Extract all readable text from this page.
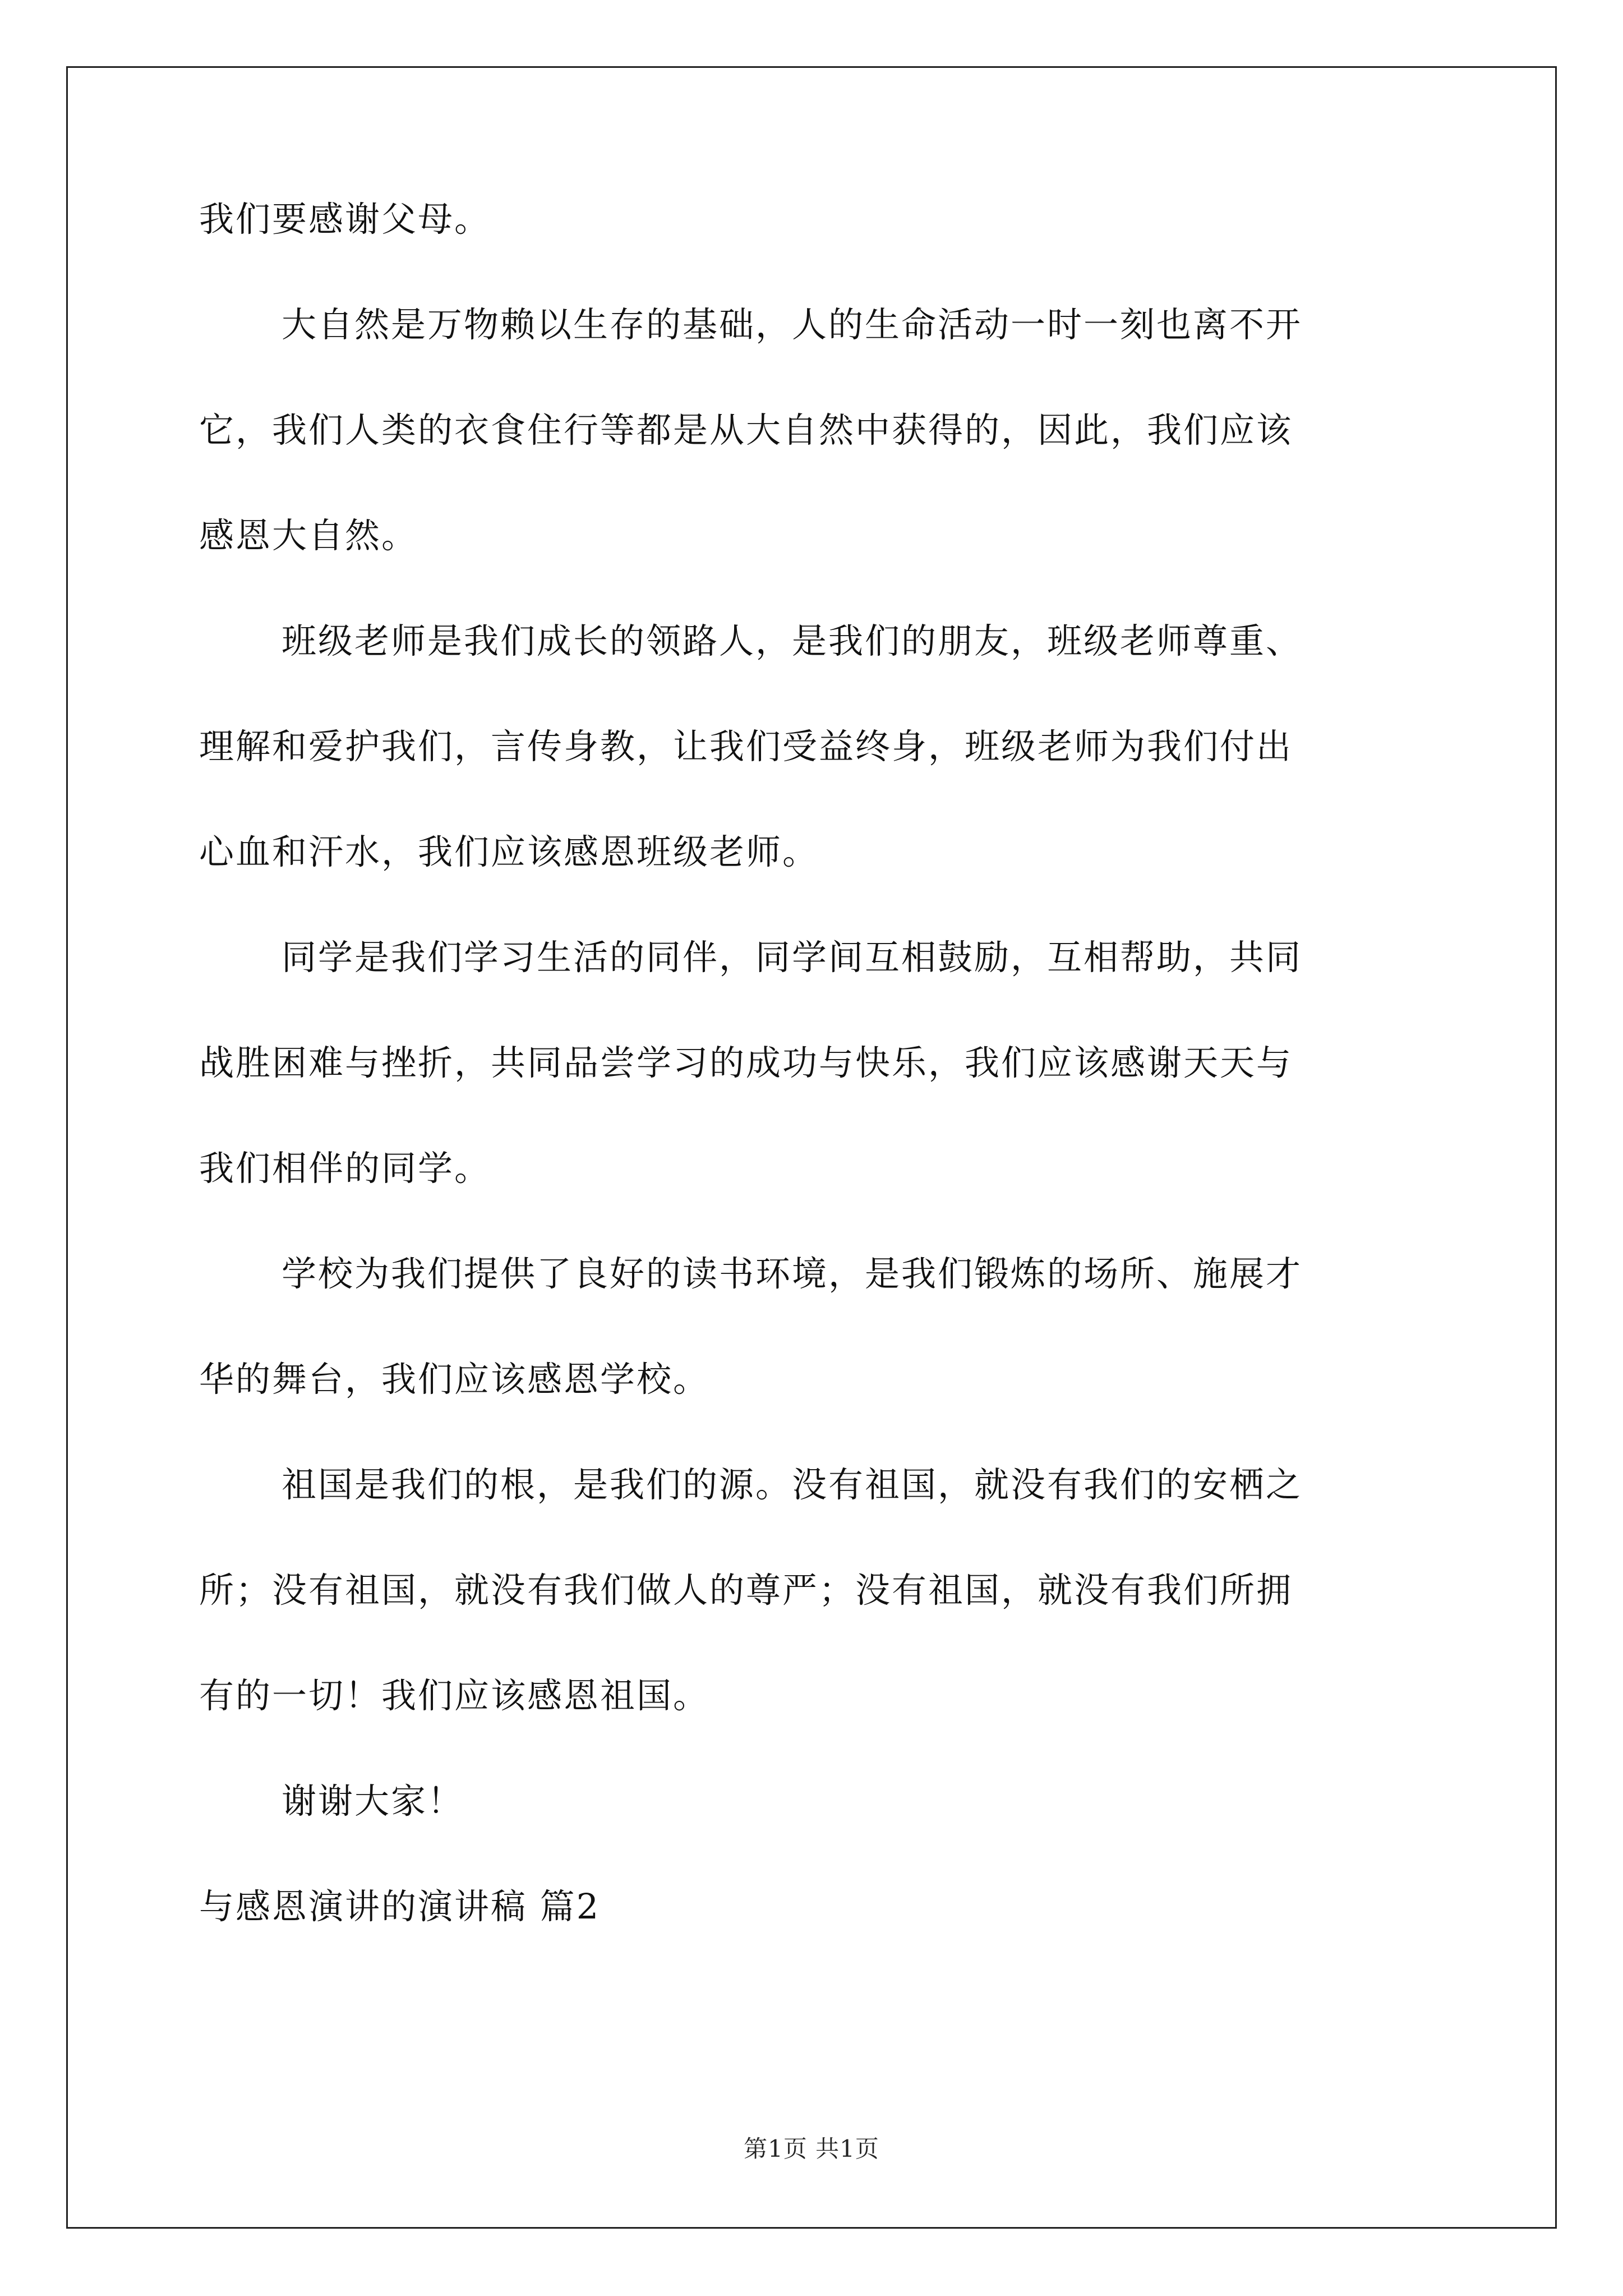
我们要感谢父母。
大自然是万物赖以生存的基础，人的生命活动一时一刻也离不开
它，我们人类的衣食住行等都是从大自然中获得的，因此，我们应该
感恩大自然。
班级老师是我们成长的领路人，是我们的朋友，班级老师尊重、
理解和爱护我们，言传身教，让我们受益终身，班级老师为我们付出
心血和汗水，我们应该感恩班级老师。
同学是我们学习生活的同伴，同学间互相鼓励，互相帮助，共同
战胜困难与挫折，共同品尝学习的成功与快乐，我们应该感谢天天与
我们相伴的同学。
学校为我们提供了良好的读书环境，是我们锻炼的场所、施展才
华的舞台，我们应该感恩学校。
祖国是我们的根，是我们的源。没有祖国，就没有我们的安栖之
所；没有祖国，就没有我们做人的尊严；没有祖国，就没有我们所拥
有的一切！我们应该感恩祖国。
谢谢大家！
与感恩演讲的演讲稿 篇2
第1页 共1页
